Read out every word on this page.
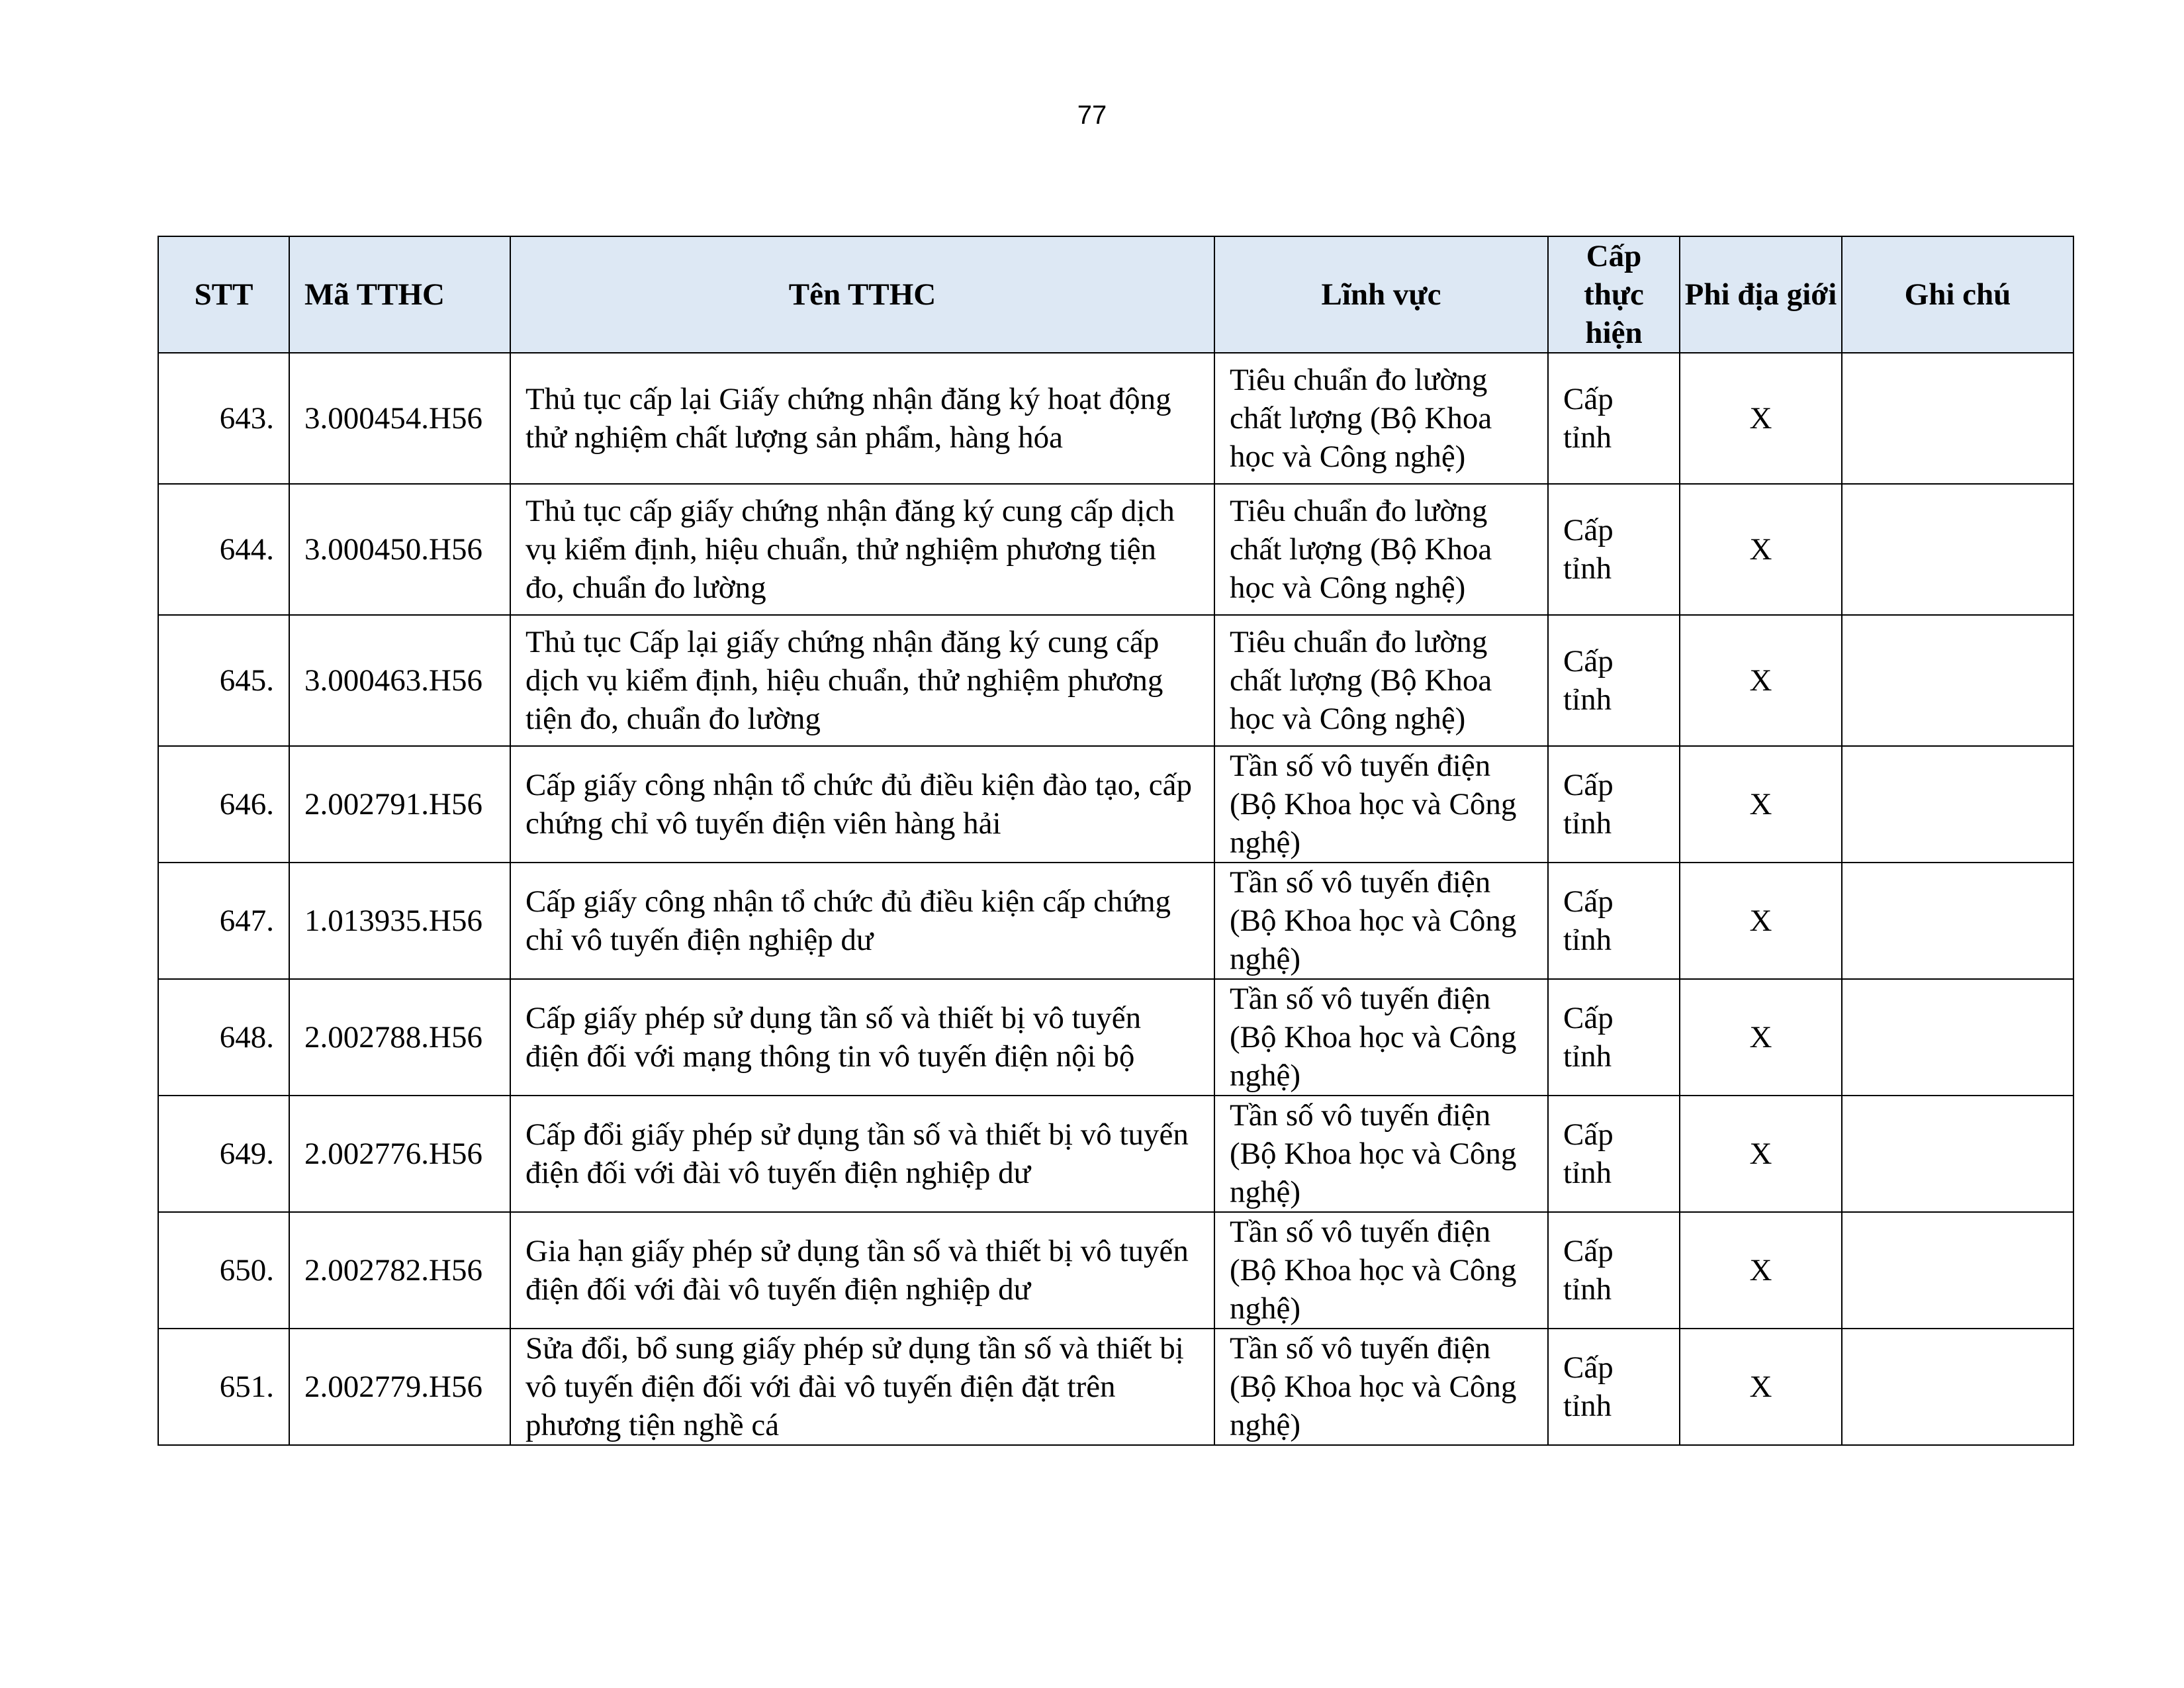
77
STT	Mã TTHC	Tên TTHC	Lĩnh vực	Cấp thực hiện	Phi địa giới	Ghi chú
643.	3.000454.H56	Thủ tục cấp lại Giấy chứng nhận đăng ký hoạt động thử nghiệm chất lượng sản phẩm, hàng hóa	Tiêu chuẩn đo lường chất lượng (Bộ Khoa học và Công nghệ)	Cấp tỉnh	X	
644.	3.000450.H56	Thủ tục cấp giấy chứng nhận đăng ký cung cấp dịch vụ kiểm định, hiệu chuẩn, thử nghiệm phương tiện đo, chuẩn đo lường	Tiêu chuẩn đo lường chất lượng (Bộ Khoa học và Công nghệ)	Cấp tỉnh	X	
645.	3.000463.H56	Thủ tục Cấp lại giấy chứng nhận đăng ký cung cấp dịch vụ kiểm định, hiệu chuẩn, thử nghiệm phương tiện đo, chuẩn đo lường	Tiêu chuẩn đo lường chất lượng (Bộ Khoa học và Công nghệ)	Cấp tỉnh	X	
646.	2.002791.H56	Cấp giấy công nhận tổ chức đủ điều kiện đào tạo, cấp chứng chỉ vô tuyến điện viên hàng hải	Tần số vô tuyến điện (Bộ Khoa học và Công nghệ)	Cấp tỉnh	X	
647.	1.013935.H56	Cấp giấy công nhận tổ chức đủ điều kiện cấp chứng chỉ vô tuyến điện nghiệp dư	Tần số vô tuyến điện (Bộ Khoa học và Công nghệ)	Cấp tỉnh	X	
648.	2.002788.H56	Cấp giấy phép sử dụng tần số và thiết bị vô tuyến điện đối với mạng thông tin vô tuyến điện nội bộ	Tần số vô tuyến điện (Bộ Khoa học và Công nghệ)	Cấp tỉnh	X	
649.	2.002776.H56	Cấp đổi giấy phép sử dụng tần số và thiết bị vô tuyến điện đối với đài vô tuyến điện nghiệp dư	Tần số vô tuyến điện (Bộ Khoa học và Công nghệ)	Cấp tỉnh	X	
650.	2.002782.H56	Gia hạn giấy phép sử dụng tần số và thiết bị vô tuyến điện đối với đài vô tuyến điện nghiệp dư	Tần số vô tuyến điện (Bộ Khoa học và Công nghệ)	Cấp tỉnh	X	
651.	2.002779.H56	Sửa đổi, bổ sung giấy phép sử dụng tần số và thiết bị vô tuyến điện đối với đài vô tuyến điện đặt trên phương tiện nghề cá	Tần số vô tuyến điện (Bộ Khoa học và Công nghệ)	Cấp tỉnh	X	
